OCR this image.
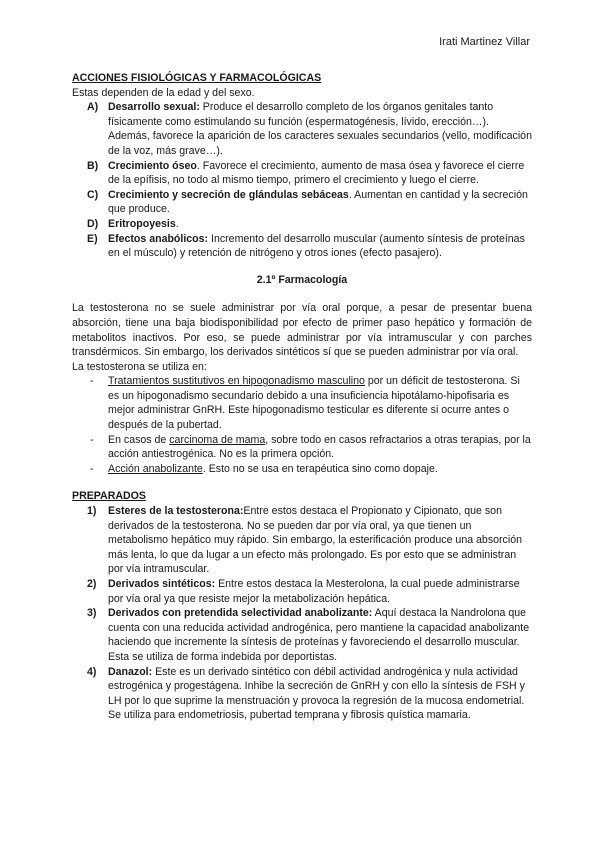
Irati Martinez Villar

ACCIONES FISIOLÓGICAS Y FARMACOLÓGICAS

Estas dependen de la edad y del sexo.

A) Desarrollo sexual: Produce el desarrollo completo de los órganos genitales tanto físicamente como estimulando su función (espermatogénesis, lívido, erección…). Además, favorece la aparición de los caracteres sexuales secundarios (vello, modificación de la voz, más grave…).
B) Crecimiento óseo. Favorece el crecimiento, aumento de masa ósea y favorece el cierre de la epífisis, no todo al mismo tiempo, primero el crecimiento y luego el cierre.
C) Crecimiento y secreción de glándulas sebáceas. Aumentan en cantidad y la secreción que produce.
D) Eritropoyesis.
E) Efectos anabólicos: Incremento del desarrollo muscular (aumento síntesis de proteínas en el músculo) y retención de nitrógeno y otros iones (efecto pasajero).

2.1º Farmacología

La testosterona no se suele administrar por vía oral porque, a pesar de presentar buena absorción, tiene una baja biodisponibilidad por efecto de primer paso hepático y formación de metabolitos inactivos. Por eso, se puede administrar por vía intramuscular y con parches transdérmicos. Sin embargo, los derivados sintéticos sí que se pueden administrar por vía oral.

La testosterona se utiliza en:

- Tratamientos sustitutivos en hipogonadismo masculino por un déficit de testosterona. Si es un hipogonadismo secundario debido a una insuficiencia hipotálamo-hipofisaria es mejor administrar GnRH. Este hipogonadismo testicular es diferente si ocurre antes o después de la pubertad.
- En casos de carcinoma de mama, sobre todo en casos refractarios a otras terapias, por la acción antiestrogénica. No es la primera opción.
- Acción anabolizante. Esto no se usa en terapéutica sino como dopaje.

PREPARADOS

1) Esteres de la testosterona:Entre estos destaca el Propionato y Cipionato, que son derivados de la testosterona. No se pueden dar por vía oral, ya que tienen un metabolismo hepático muy rápido. Sin embargo, la esterificación produce una absorción más lenta, lo que da lugar a un efecto más prolongado. Es por esto que se administran por vía intramuscular.
2) Derivados sintéticos: Entre estos destaca la Mesterolona, la cual puede administrarse por vía oral ya que resiste mejor la metabolización hepática.
3) Derivados con pretendida selectividad anabolizante: Aquí destaca la Nandrolona que cuenta con una reducida actividad androgénica, pero mantiene la capacidad anabolizante haciendo que incremente la síntesis de proteínas y favoreciendo el desarrollo muscular. Esta se utiliza de forma indebida por deportistas.
4) Danazol: Este es un derivado sintético con débil actividad androgénica y nula actividad estrogénica y progestágena. Inhibe la secreción de GnRH y con ello la síntesis de FSH y LH por lo que suprime la menstruación y provoca la regresión de la mucosa endometrial.
Se utiliza para endometriosis, pubertad temprana y fibrosis quística mamaria.
